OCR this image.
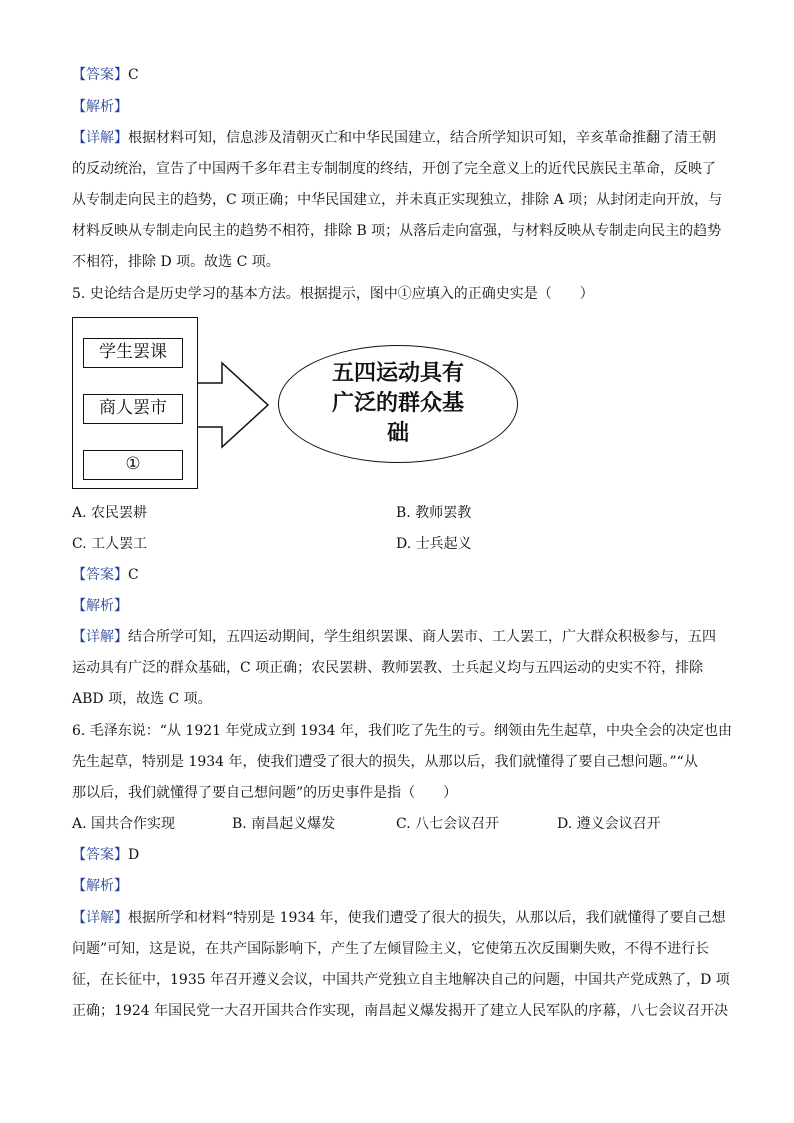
【答案】C
【解析】
【详解】根据材料可知，信息涉及清朝灭亡和中华民国建立，结合所学知识可知，辛亥革命推翻了清王朝
的反动统治，宣告了中国两千多年君主专制制度的终结，开创了完全意义上的近代民族民主革命，反映了
从专制走向民主的趋势，C 项正确；中华民国建立，并未真正实现独立，排除 A 项；从封闭走向开放，与
材料反映从专制走向民主的趋势不相符，排除 B 项；从落后走向富强，与材料反映从专制走向民主的趋势
不相符，排除 D 项。故选 C 项。
5. 史论结合是历史学习的基本方法。根据提示，图中①应填入的正确史实是（　　）
学生罢课
商人罢市
①
五四运动具有广泛的群众基础
A. 农民罢耕	B. 教师罢教
C. 工人罢工	D. 士兵起义
【答案】C
【解析】
【详解】结合所学可知，五四运动期间，学生组织罢课、商人罢市、工人罢工，广大群众积极参与，五四
运动具有广泛的群众基础，C 项正确；农民罢耕、教师罢教、士兵起义均与五四运动的史实不符，排除
ABD 项，故选 C 项。
6. 毛泽东说：“从 1921 年党成立到 1934 年，我们吃了先生的亏。纲领由先生起草，中央全会的决定也由
先生起草，特别是 1934 年，使我们遭受了很大的损失，从那以后，我们就懂得了要自己想问题。”“从
那以后，我们就懂得了要自己想问题”的历史事件是指（　　）
A. 国共合作实现	B. 南昌起义爆发	C. 八七会议召开	D. 遵义会议召开
【答案】D
【解析】
【详解】根据所学和材料“特别是 1934 年，使我们遭受了很大的损失，从那以后，我们就懂得了要自己想
问题”可知，这是说，在共产国际影响下，产生了左倾冒险主义，它使第五次反围剿失败，不得不进行长
征，在长征中，1935 年召开遵义会议，中国共产党独立自主地解决自己的问题，中国共产党成熟了，D 项
正确；1924 年国民党一大召开国共合作实现，南昌起义爆发揭开了建立人民军队的序幕，八七会议召开决
